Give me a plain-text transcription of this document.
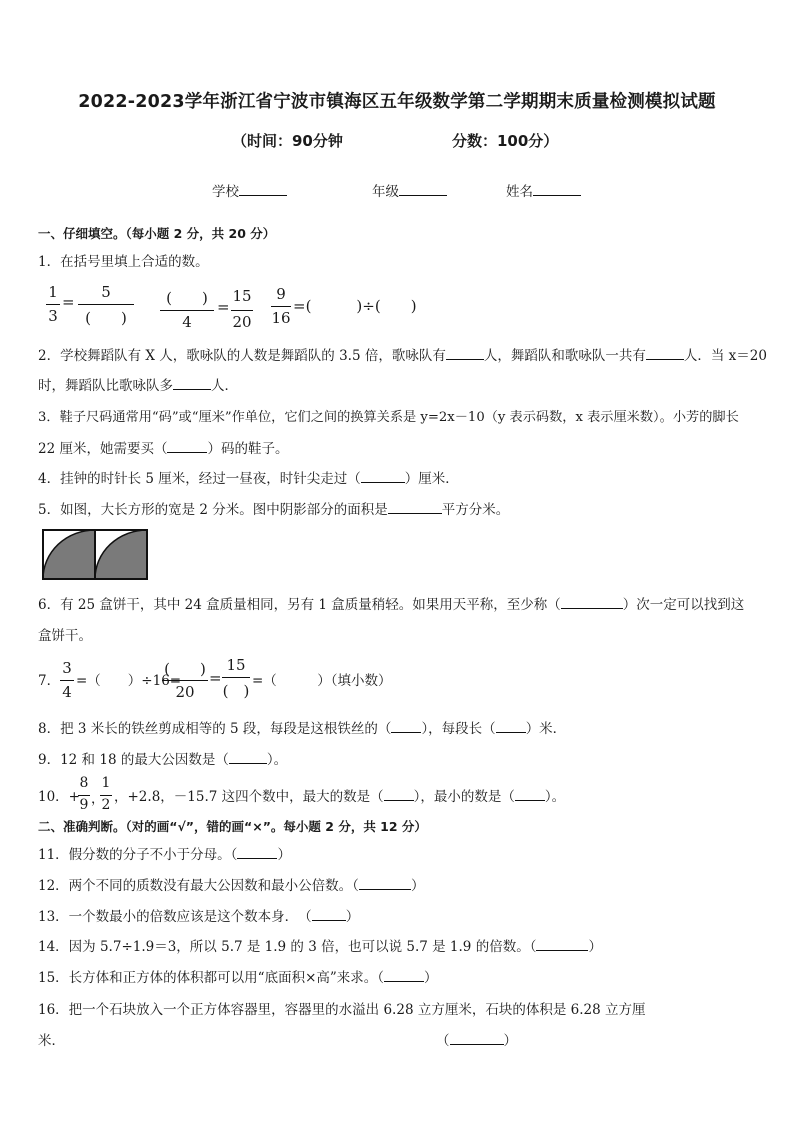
2022-2023学年浙江省宁波市镇海区五年级数学第二学期期末质量检测模拟试题
（时间：90分钟	分数：100分）
学校	年级	姓名
一、仔细填空。（每小题 2 分，共 20 分）
1．在括号里填上合适的数。
1
3
=
5
(　　)
(　　)
4
=
15
20
9
16
=(　　　)÷(　　)
2．学校舞蹈队有 X 人，歌咏队的人数是舞蹈队的 3.5 倍，歌咏队有	人，舞蹈队和歌咏队一共有	人．当 x＝20
时，舞蹈队比歌咏队多	人．
3．鞋子尺码通常用“码”或“厘米”作单位，它们之间的换算关系是 y=2x－10（y 表示码数，x 表示厘米数）。小芳的脚长
22 厘米，她需要买（	）码的鞋子。
4．挂钟的时针长 5 厘米，经过一昼夜，时针尖走过（	）厘米．
5．如图，大长方形的宽是 2 分米。图中阴影部分的面积是	平方分米。
6．有 25 盒饼干，其中 24 盒质量相同，另有 1 盒质量稍轻。如果用天平称，至少称（	）次一定可以找到这
盒饼干。
7．
3
4
=（　　）÷16=
(　　)
20
=
15
(　)
=（　　　）（填小数）
8．把 3 米长的铁丝剪成相等的 5 段，每段是这根铁丝的（ ），每段长（ ）米．
9．12 和 18 的最大公因数是（	）。
10．+
8
9 ，
1
2 ，+2.8，－15.7 这四个数中，最大的数是（ ），最小的数是（ ）。
二、准确判断。（对的画“√”，错的画“×”。每小题 2 分，共 12 分）
11．假分数的分子不小于分母。（	）
12．两个不同的质数没有最大公因数和最小公倍数。（	）
13．一个数最小的倍数应该是这个数本身．　（	）
14．因为 5.7÷1.9＝3，所以 5.7 是 1.9 的 3 倍，也可以说 5.7 是 1.9 的倍数。（	）
15．长方体和正方体的体积都可以用“底面积×高”来求。（	）
16．把一个石块放入一个正方体容器里，容器里的水溢出 6.28 立方厘米，石块的体积是 6.28 立方厘
米．	（	）
